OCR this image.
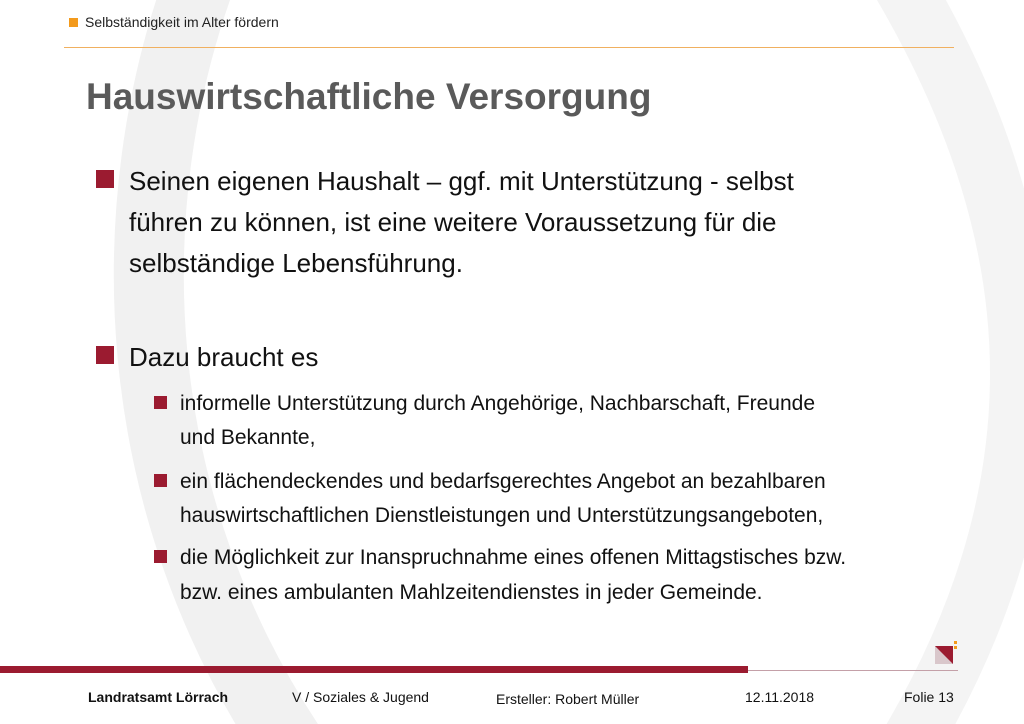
Selbständigkeit im Alter fördern
Hauswirtschaftliche Versorgung
Seinen eigenen Haushalt – ggf. mit Unterstützung - selbst
führen zu können, ist eine weitere Voraussetzung für die
selbständige Lebensführung.
Dazu braucht es
informelle Unterstützung durch Angehörige, Nachbarschaft, Freunde
und Bekannte,
ein flächendeckendes und bedarfsgerechtes Angebot an bezahlbaren
hauswirtschaftlichen Dienstleistungen und Unterstützungsangeboten,
die Möglichkeit zur Inanspruchnahme eines offenen Mittagstisches bzw.
bzw. eines ambulanten Mahlzeitendienstes in jeder Gemeinde.
Landratsamt Lörrach	V / Soziales & Jugend	Ersteller: Robert Müller	12.11.2018	Folie 13
